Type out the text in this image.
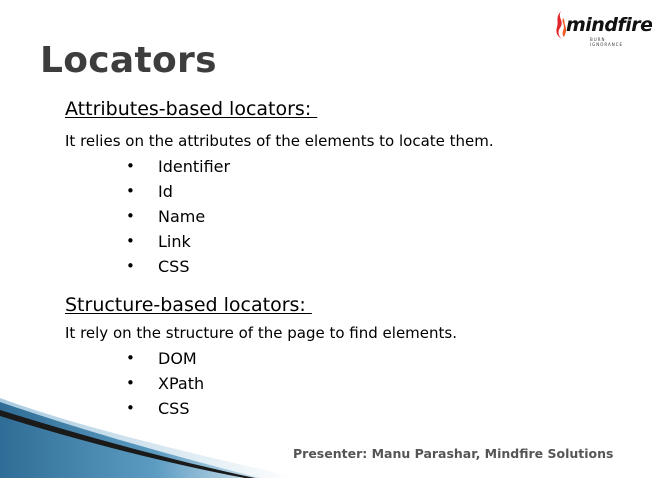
mindfire
BURN IGNORANCE
Locators
Attributes-based locators:
It relies on the attributes of the elements to locate them.
• Identifier
• Id
• Name
• Link
• CSS
Structure-based locators:
It rely on the structure of the page to find elements.
• DOM
• XPath
• CSS
Presenter: Manu Parashar, Mindfire Solutions
